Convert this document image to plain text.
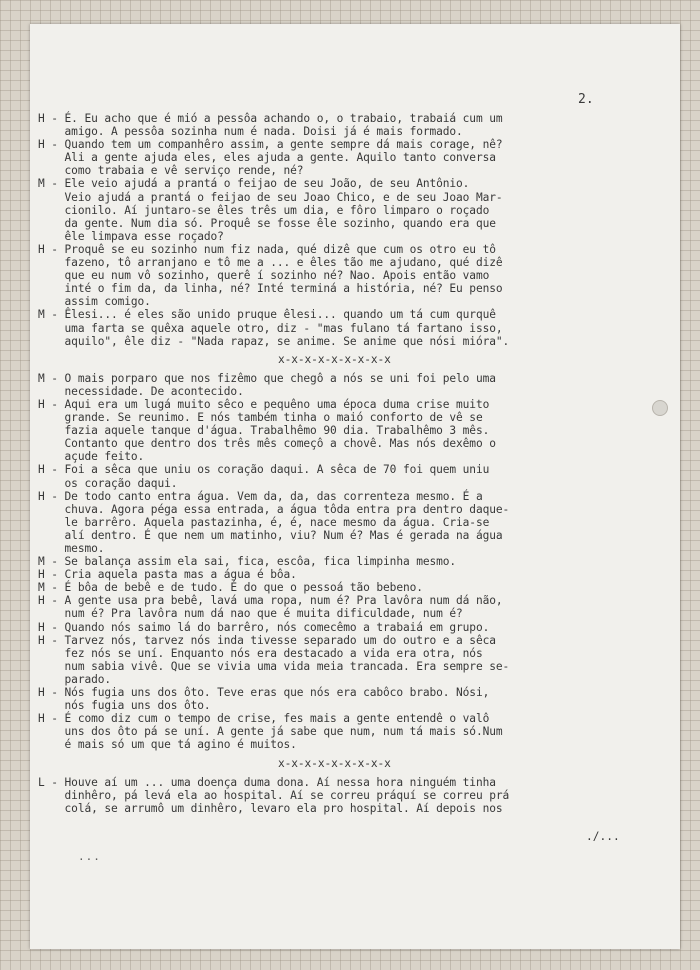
2.
H - É. Eu acho que é mió a pessôa achando o, o trabaio, trabaiá cum um
amigo. A pessôa sozinha num é nada. Doisi já é mais formado.
H - Quando tem um companhêro assim, a gente sempre dá mais corage, nê?
Ali a gente ajuda eles, eles ajuda a gente. Aquilo tanto conversa
como trabaia e vê serviço rende, né?
M - Ele veio ajudá a prantá o feijao de seu João, de seu Antônio.
Veio ajudá a prantá o feijao de seu Joao Chico, e de seu Joao Mar-
cionilo. Aí juntaro-se êles três um dia, e fôro limparo o roçado
da gente. Num dia só. Proquê se fosse êle sozinho, quando era que
êle limpava esse roçado?
H - Proquê se eu sozinho num fiz nada, qué dizê que cum os otro eu tô
fazeno, tô arranjano e tô me a ... e êles tão me ajudano, qué dizê
que eu num vô sozinho, querê í sozinho né? Nao. Apois então vamo
inté o fim da, da linha, né? Inté terminá a história, né? Eu penso
assim comigo.
M - Êlesi... é eles são unido pruque êlesi... quando um tá cum qurquê
uma farta se quêxa aquele otro, diz - "mas fulano tá fartano isso,
aquilo", êle diz - "Nada rapaz, se anime. Se anime que nósi mióra".
x-x-x-x-x-x-x-x-x
M - O mais porparo que nos fizêmo que chegô a nós se uni foi pelo uma
necessidade. De acontecido.
H - Aqui era um lugá muito sêco e pequêno uma época duma crise muito
grande. Se reunimo. E nós também tinha o maió conforto de vê se
fazia aquele tanque d'água. Trabalhêmo 90 dia. Trabalhêmo 3 mês.
Contanto que dentro dos três mês começô a chovê. Mas nós dexêmo o
açude feito.
H - Foi a sêca que uniu os coração daqui. A sêca de 70 foi quem uniu
os coração daqui.
H - De todo canto entra água. Vem da, da, das correnteza mesmo. É a
chuva. Agora péga essa entrada, a água tôda entra pra dentro daque-
le barrêro. Aquela pastazinha, é, é, nace mesmo da água. Cria-se
alí dentro. É que nem um matinho, viu? Num é? Mas é gerada na água
mesmo.
M - Se balança assim ela sai, fica, escôa, fica limpinha mesmo.
H - Cria aquela pasta mas a água é bôa.
M - É bôa de bebê e de tudo. É do que o pessoá tão bebeno.
H - A gente usa pra bebê, lavá uma ropa, num é? Pra lavôra num dá não,
num é? Pra lavôra num dá nao que é muita dificuldade, num é?
H - Quando nós saimo lá do barrêro, nós comecêmo a trabaiá em grupo.
H - Tarvez nós, tarvez nós inda tivesse separado um do outro e a sêca
fez nós se uní. Enquanto nós era destacado a vida era otra, nós
num sabia vivê. Que se vivia uma vida meia trancada. Era sempre se-
parado.
H - Nós fugia uns dos ôto. Teve eras que nós era cabôco brabo. Nósi,
nós fugia uns dos ôto.
H - É como diz cum o tempo de crise, fes mais a gente entendê o valô
uns dos ôto pá se uní. A gente já sabe que num, num tá mais só.Num
é mais só um que tá agino é muitos.
x-x-x-x-x-x-x-x-x
L - Houve aí um ... uma doença duma dona. Aí nessa hora ninguém tinha
dinhêro, pá levá ela ao hospital. Aí se correu práquí se correu prá
colá, se arrumô um dinhêro, levaro ela pro hospital. Aí depois nos
./...
...
